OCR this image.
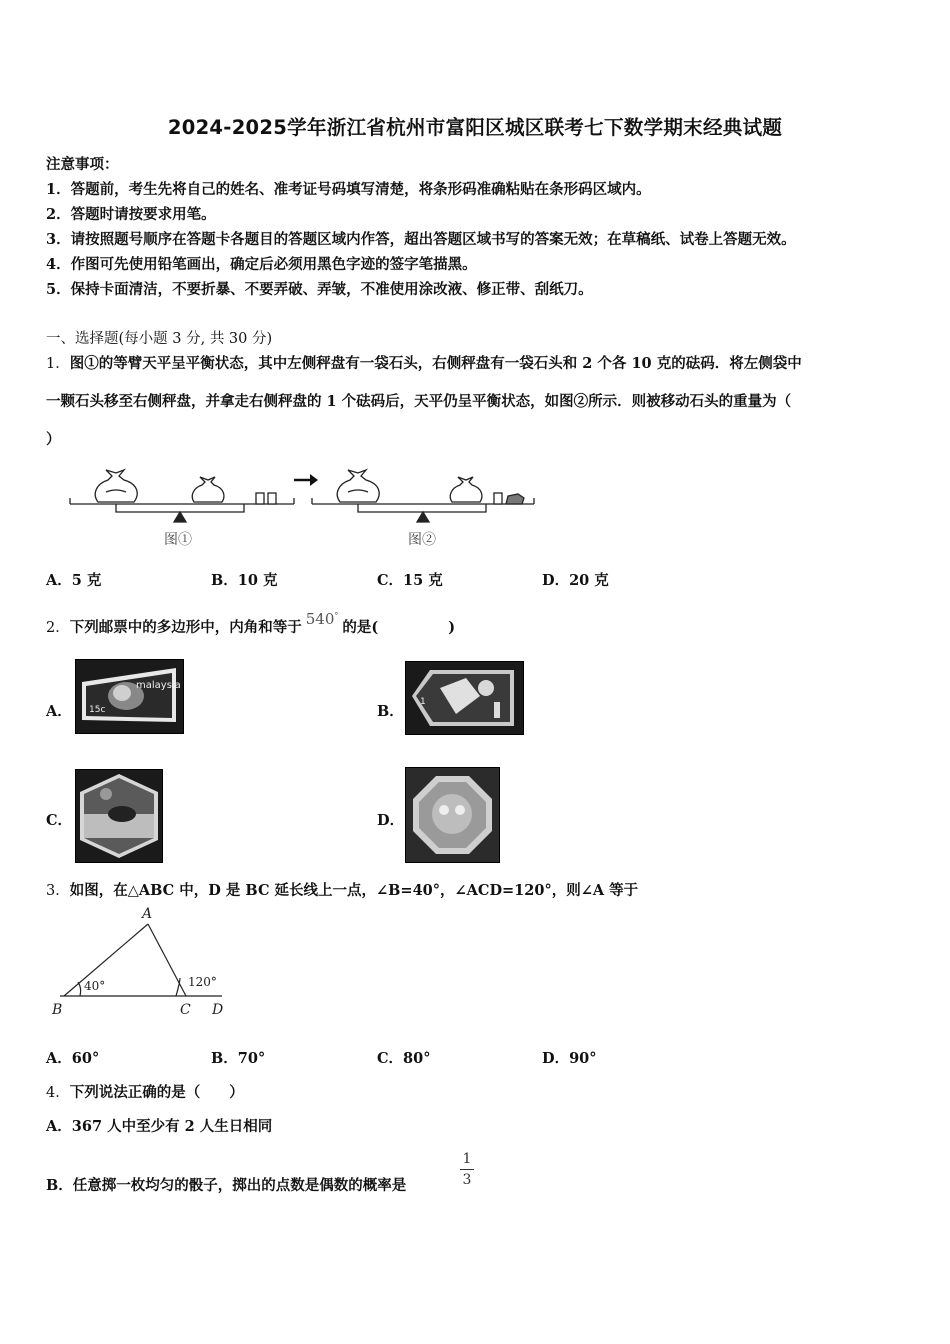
2024-2025学年浙江省杭州市富阳区城区联考七下数学期末经典试题
注意事项：
1．答题前，考生先将自己的姓名、准考证号码填写清楚，将条形码准确粘贴在条形码区域内。
2．答题时请按要求用笔。
3．请按照题号顺序在答题卡各题目的答题区域内作答，超出答题区域书写的答案无效；在草稿纸、试卷上答题无效。
4．作图可先使用铅笔画出，确定后必须用黑色字迹的签字笔描黑。
5．保持卡面清洁，不要折暴、不要弄破、弄皱，不准使用涂改液、修正带、刮纸刀。
一、选择题(每小题 3 分, 共 30 分)
1．图①的等臂天平呈平衡状态，其中左侧秤盘有一袋石头，右侧秤盘有一袋石头和 2 个各 10 克的砝码．将左侧袋中
一颗石头移至右侧秤盘，并拿走右侧秤盘的 1 个砝码后，天平仍呈平衡状态，如图②所示．则被移动石头的重量为（
）
图①	图②
A．5 克	B．10 克	C．15 克	D．20 克
2．下列邮票中的多边形中，内角和等于 540°的是(	)
A．
malaysia
15c	B．
1
C．	D．
3．如图，在△ABC 中，D 是 BC 延长线上一点，∠B=40°，∠ACD=120°，则∠A 等于
A
B	C D
40°	120°
A．60°	B．70°	C．80°	D．90°
4．下列说法正确的是（　　）
A．367 人中至少有 2 人生日相同
B．任意掷一枚均匀的骰子，掷出的点数是偶数的概率是
1
3
